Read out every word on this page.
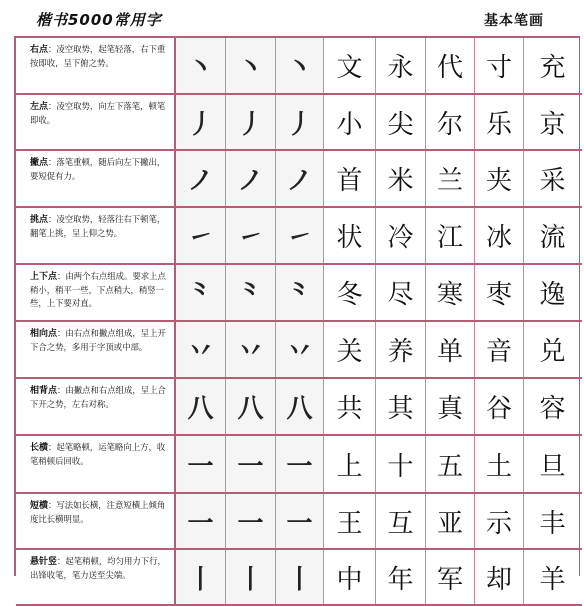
楷书5000常用字	基本笔画
右点：凌空取势，起笔轻落，右下重按即收，呈下俯之势。	丶 丶 丶 文 永 代 寸 充
左点：凌空取势，向左下落笔，顿笔即收。	丿 丿 丿 小 尖 尔 乐 京
撇点：落笔重顿，随后向左下撇出，要短促有力。	ノ ノ ノ 首 米 兰 夹 采
挑点：凌空取势，轻落往右下顿笔，翻笔上挑，呈上仰之势。	㇀ ㇀ ㇀ 状 冷 江 冰 流
上下点：由两个右点组成。要求上点稍小，稍平一些，下点稍大，稍竖一些，上下要对直。	⺀ ⺀ ⺀ 冬 尽 寒 枣 逸
相向点：由右点和撇点组成，呈上开下合之势，多用于字顶或中部。	丷 丷 丷 关 养 单 音 兑
相背点：由撇点和右点组成，呈上合下开之势，左右对称。	八 八 八 共 其 真 谷 容
长横：起笔略顿，运笔略向上方，收笔稍顿后回收。	一 一 一 上 十 五 土 旦
短横：写法如长横，注意短横上倾角度比长横明显。	一 一 一 王 互 亚 示 丰
悬针竖：起笔稍顿，均匀用力下行，出锋收笔，笔力送至尖端。	丨 丨 丨 中 年 军 却 羊
